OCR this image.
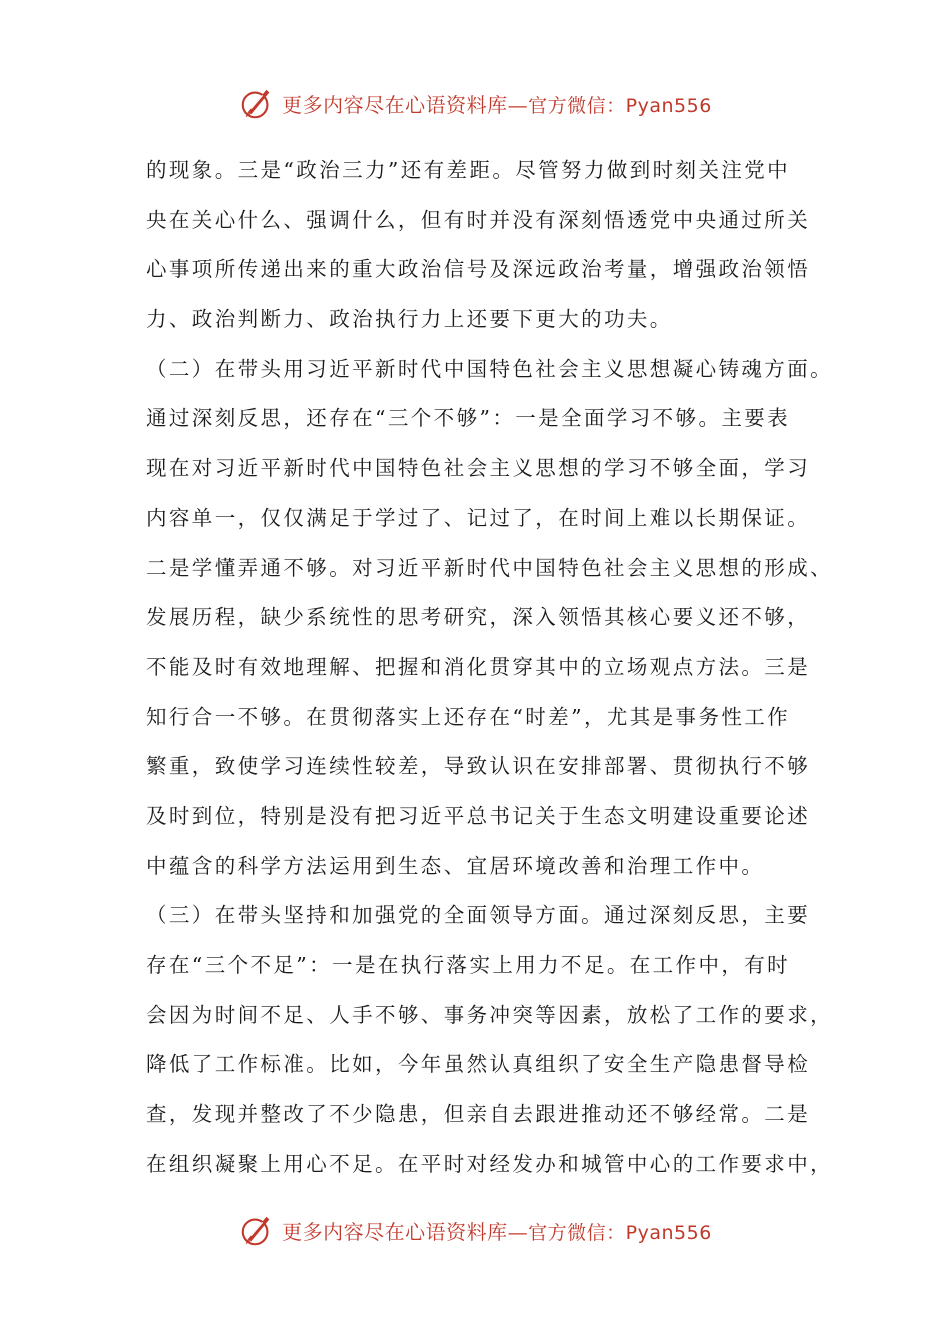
更多内容尽在心语资料库—官方微信：Pyan556
的现象。三是“政治三力”还有差距。尽管努力做到时刻关注党中
央在关心什么、强调什么，但有时并没有深刻悟透党中央通过所关
心事项所传递出来的重大政治信号及深远政治考量，增强政治领悟
力、政治判断力、政治执行力上还要下更大的功夫。
（二）在带头用习近平新时代中国特色社会主义思想凝心铸魂方面。
通过深刻反思，还存在“三个不够”：一是全面学习不够。主要表
现在对习近平新时代中国特色社会主义思想的学习不够全面，学习
内容单一，仅仅满足于学过了、记过了，在时间上难以长期保证。
二是学懂弄通不够。对习近平新时代中国特色社会主义思想的形成、
发展历程，缺少系统性的思考研究，深入领悟其核心要义还不够，
不能及时有效地理解、把握和消化贯穿其中的立场观点方法。三是
知行合一不够。在贯彻落实上还存在“时差”，尤其是事务性工作
繁重，致使学习连续性较差，导致认识在安排部署、贯彻执行不够
及时到位，特别是没有把习近平总书记关于生态文明建设重要论述
中蕴含的科学方法运用到生态、宜居环境改善和治理工作中。
（三）在带头坚持和加强党的全面领导方面。通过深刻反思，主要
存在“三个不足”：一是在执行落实上用力不足。在工作中，有时
会因为时间不足、人手不够、事务冲突等因素，放松了工作的要求，
降低了工作标准。比如，今年虽然认真组织了安全生产隐患督导检
查，发现并整改了不少隐患，但亲自去跟进推动还不够经常。二是
在组织凝聚上用心不足。在平时对经发办和城管中心的工作要求中，
更多内容尽在心语资料库—官方微信：Pyan556
